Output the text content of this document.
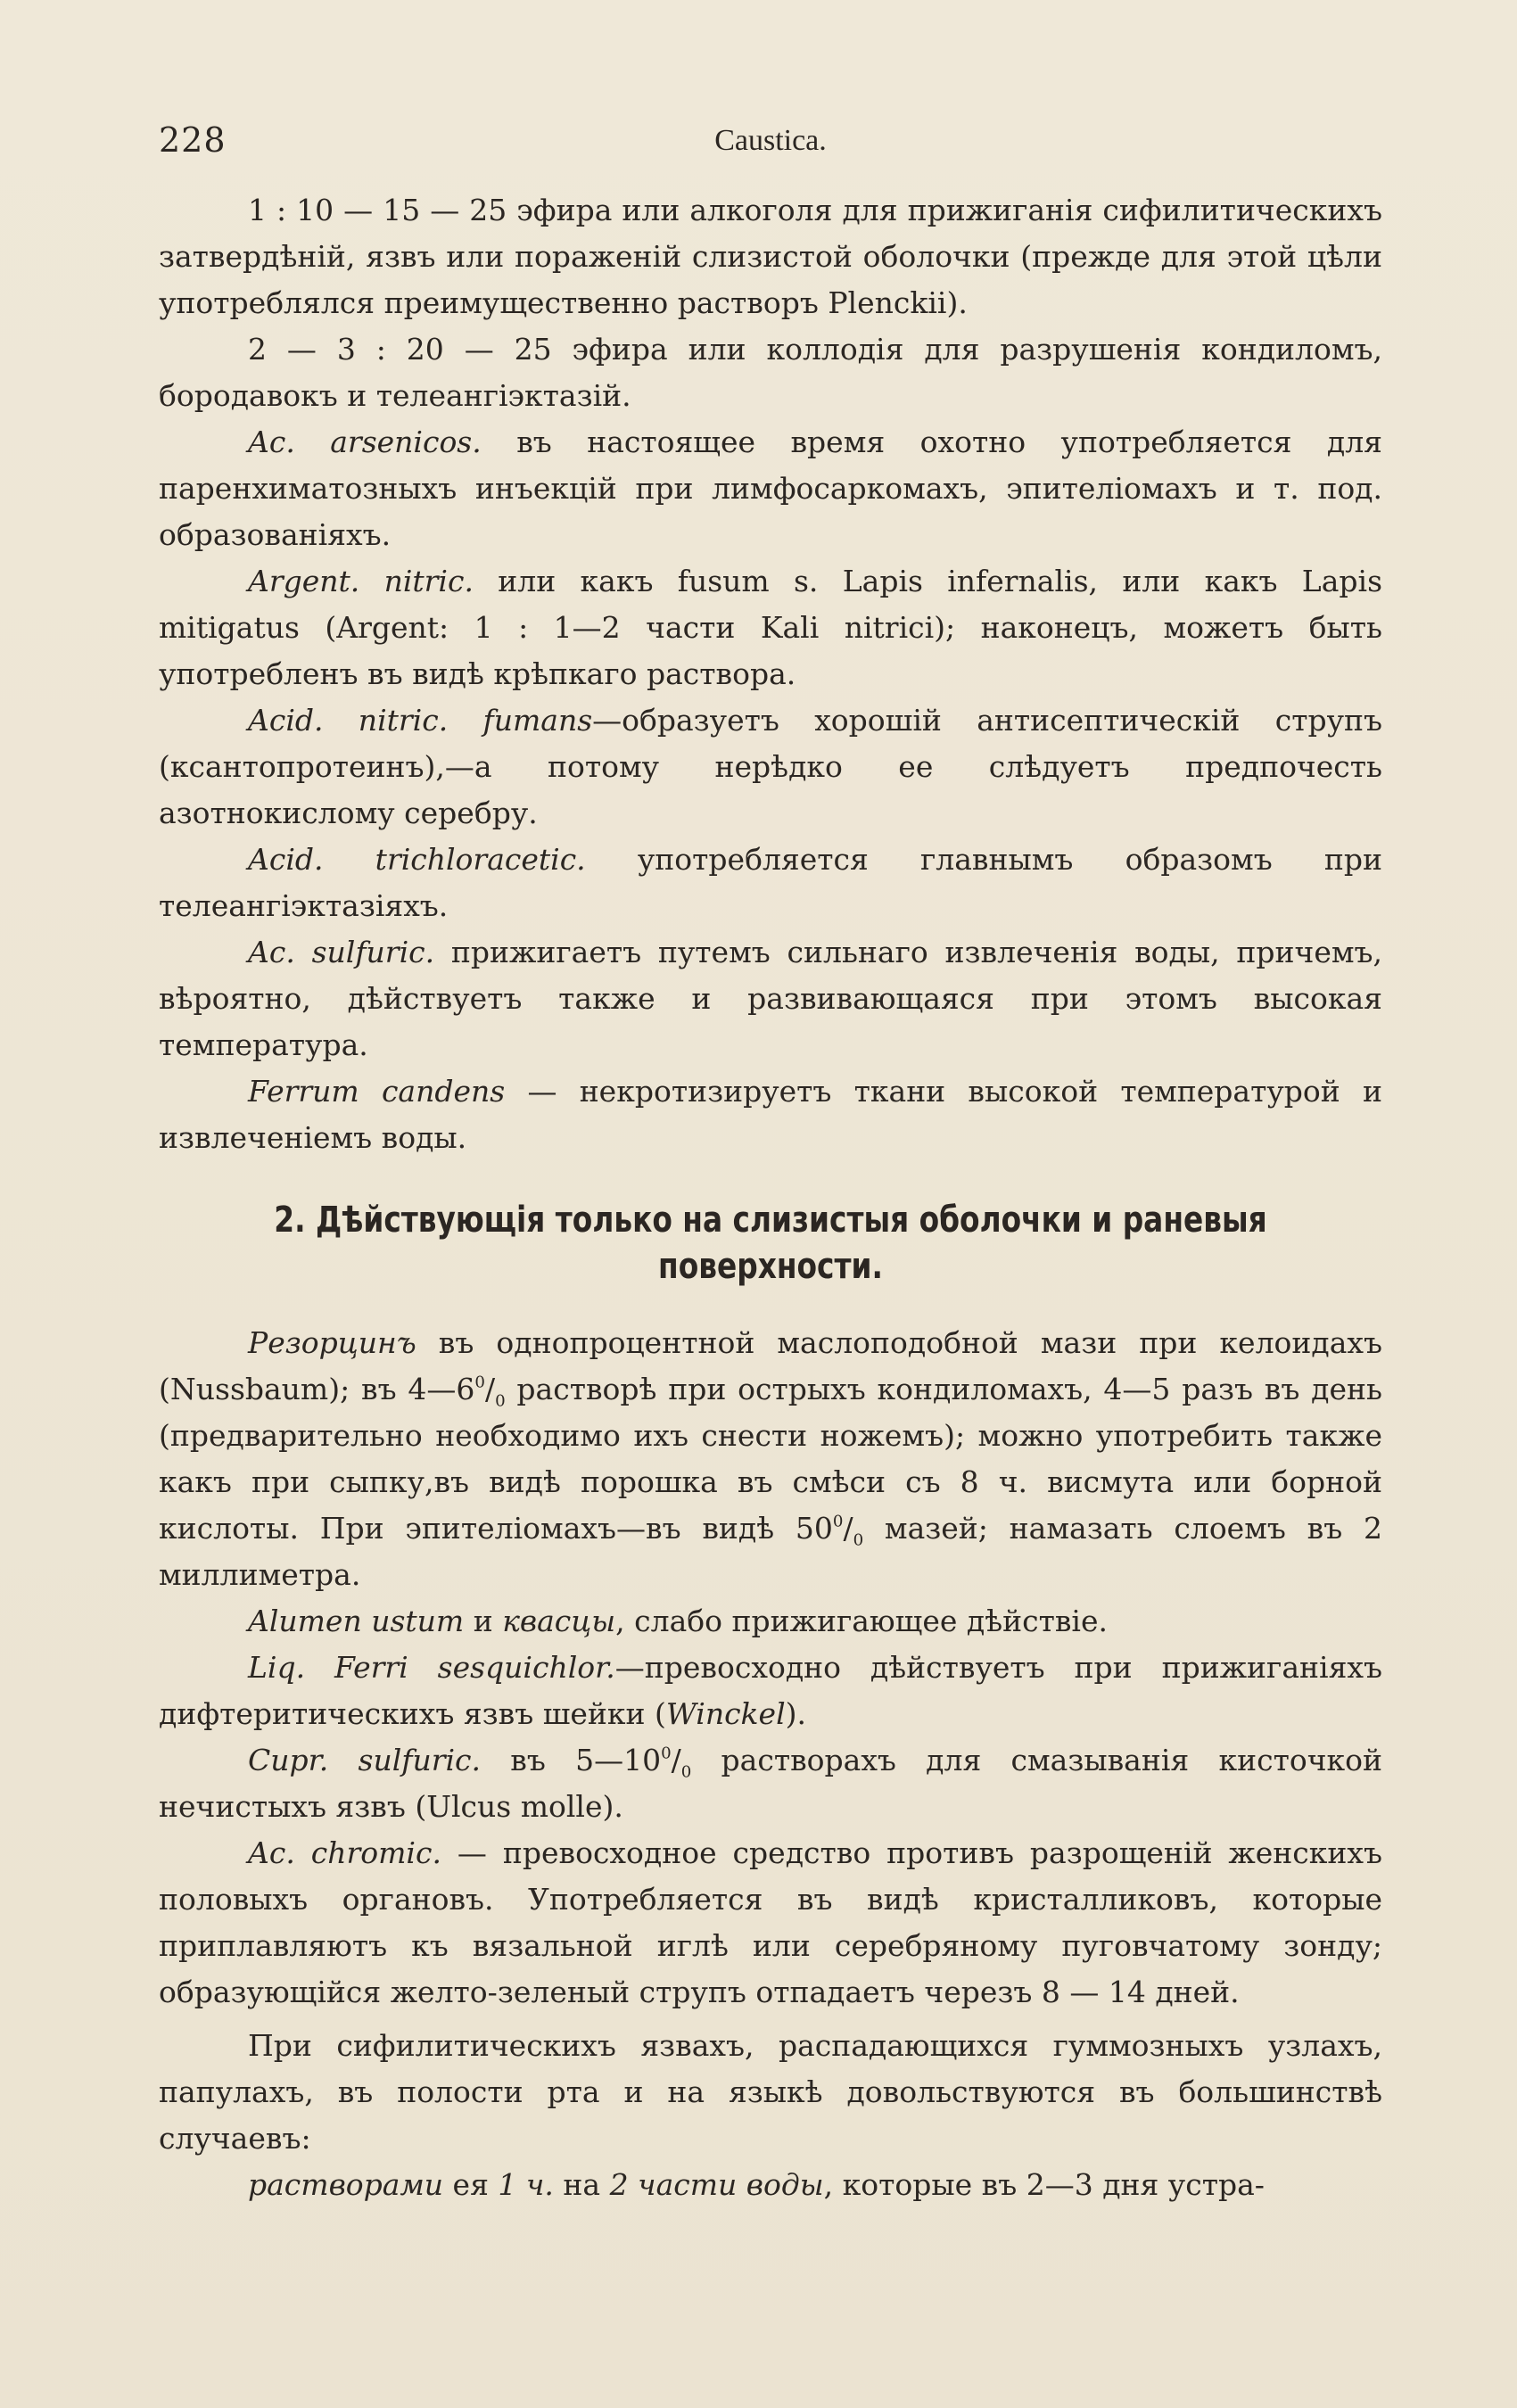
228	Caustica.

1 : 10 — 15 — 25 эфира или алкоголя для прижиганія сифилитическихъ затвердѣній, язвъ или пораженій слизистой оболочки (прежде для этой цѣли употреблялся преимущественно растворъ Plenckii).

2 — 3 : 20 — 25 эфира или коллодія для разрушенія кондиломъ, бородавокъ и телеангіэктазій.

Ac. arsenicos. въ настоящее время охотно употребляется для паренхиматозныхъ инъекцій при лимфосаркомахъ, эпителіомахъ и т. под. образованіяхъ.

Argent. nitric. или какъ fusum s. Lapis infernalis, или какъ Lapis mitigatus (Argent: 1 : 1—2 части Kali nitrici); наконецъ, можетъ быть употребленъ въ видѣ крѣпкаго раствора.

Acid. nitric. fumans—образуетъ хорошій антисептическій струпъ (ксантопротеинъ),—а потому нерѣдко ее слѣдуетъ предпочесть азотнокислому серебру.

Acid. trichloracetic. употребляется главнымъ образомъ при телеангіэктазіяхъ.

Ac. sulfuric. прижигаетъ путемъ сильнаго извлеченія воды, причемъ, вѣроятно, дѣйствуетъ также и развивающаяся при этомъ высокая температура.

Ferrum candens — некротизируетъ ткани высокой температурой и извлеченіемъ воды.

2. Дѣйствующія только на слизистыя оболочки и раневыя поверхности.

Резорцинъ въ однопроцентной маслоподобной мази при келоидахъ (Nussbaum); въ $4—6^0/_0$ растворѣ при острыхъ кондиломахъ, 4—5 разъ въ день (предварительно необходимо ихъ снести ножемъ); можно употребить также какъ при сыпку,въ видѣ порошка въ смѣси съ 8 ч. висмута или борной кислоты. При эпителіомахъ—въ видѣ $50^0/_0$ мазей; намазать слоемъ въ 2 миллиметра.

Alumen ustum и квасцы, слабо прижигающее дѣйствіе.

Liq. Ferri sesquichlor.—превосходно дѣйствуетъ при прижиганіяхъ дифтеритическихъ язвъ шейки (Winckel).

Cupr. sulfuric. въ $5—10^0/_0$ растворахъ для смазыванія кисточкой нечистыхъ язвъ (Ulcus molle).

Ac. chromic. — превосходное средство противъ разрощеній женскихъ половыхъ органовъ. Употребляется въ видѣ кристалликовъ, которые приплавляютъ къ вязальной иглѣ или серебряному пуговчатому зонду; образующійся желто-зеленый струпъ отпадаетъ черезъ 8 — 14 дней.

При сифилитическихъ язвахъ, распадающихся гуммозныхъ узлахъ, папулахъ, въ полости рта и на языкѣ довольствуются въ большинствѣ случаевъ:

растворами ея 1 ч. на 2 части воды, которые въ 2—3 дня устра-
